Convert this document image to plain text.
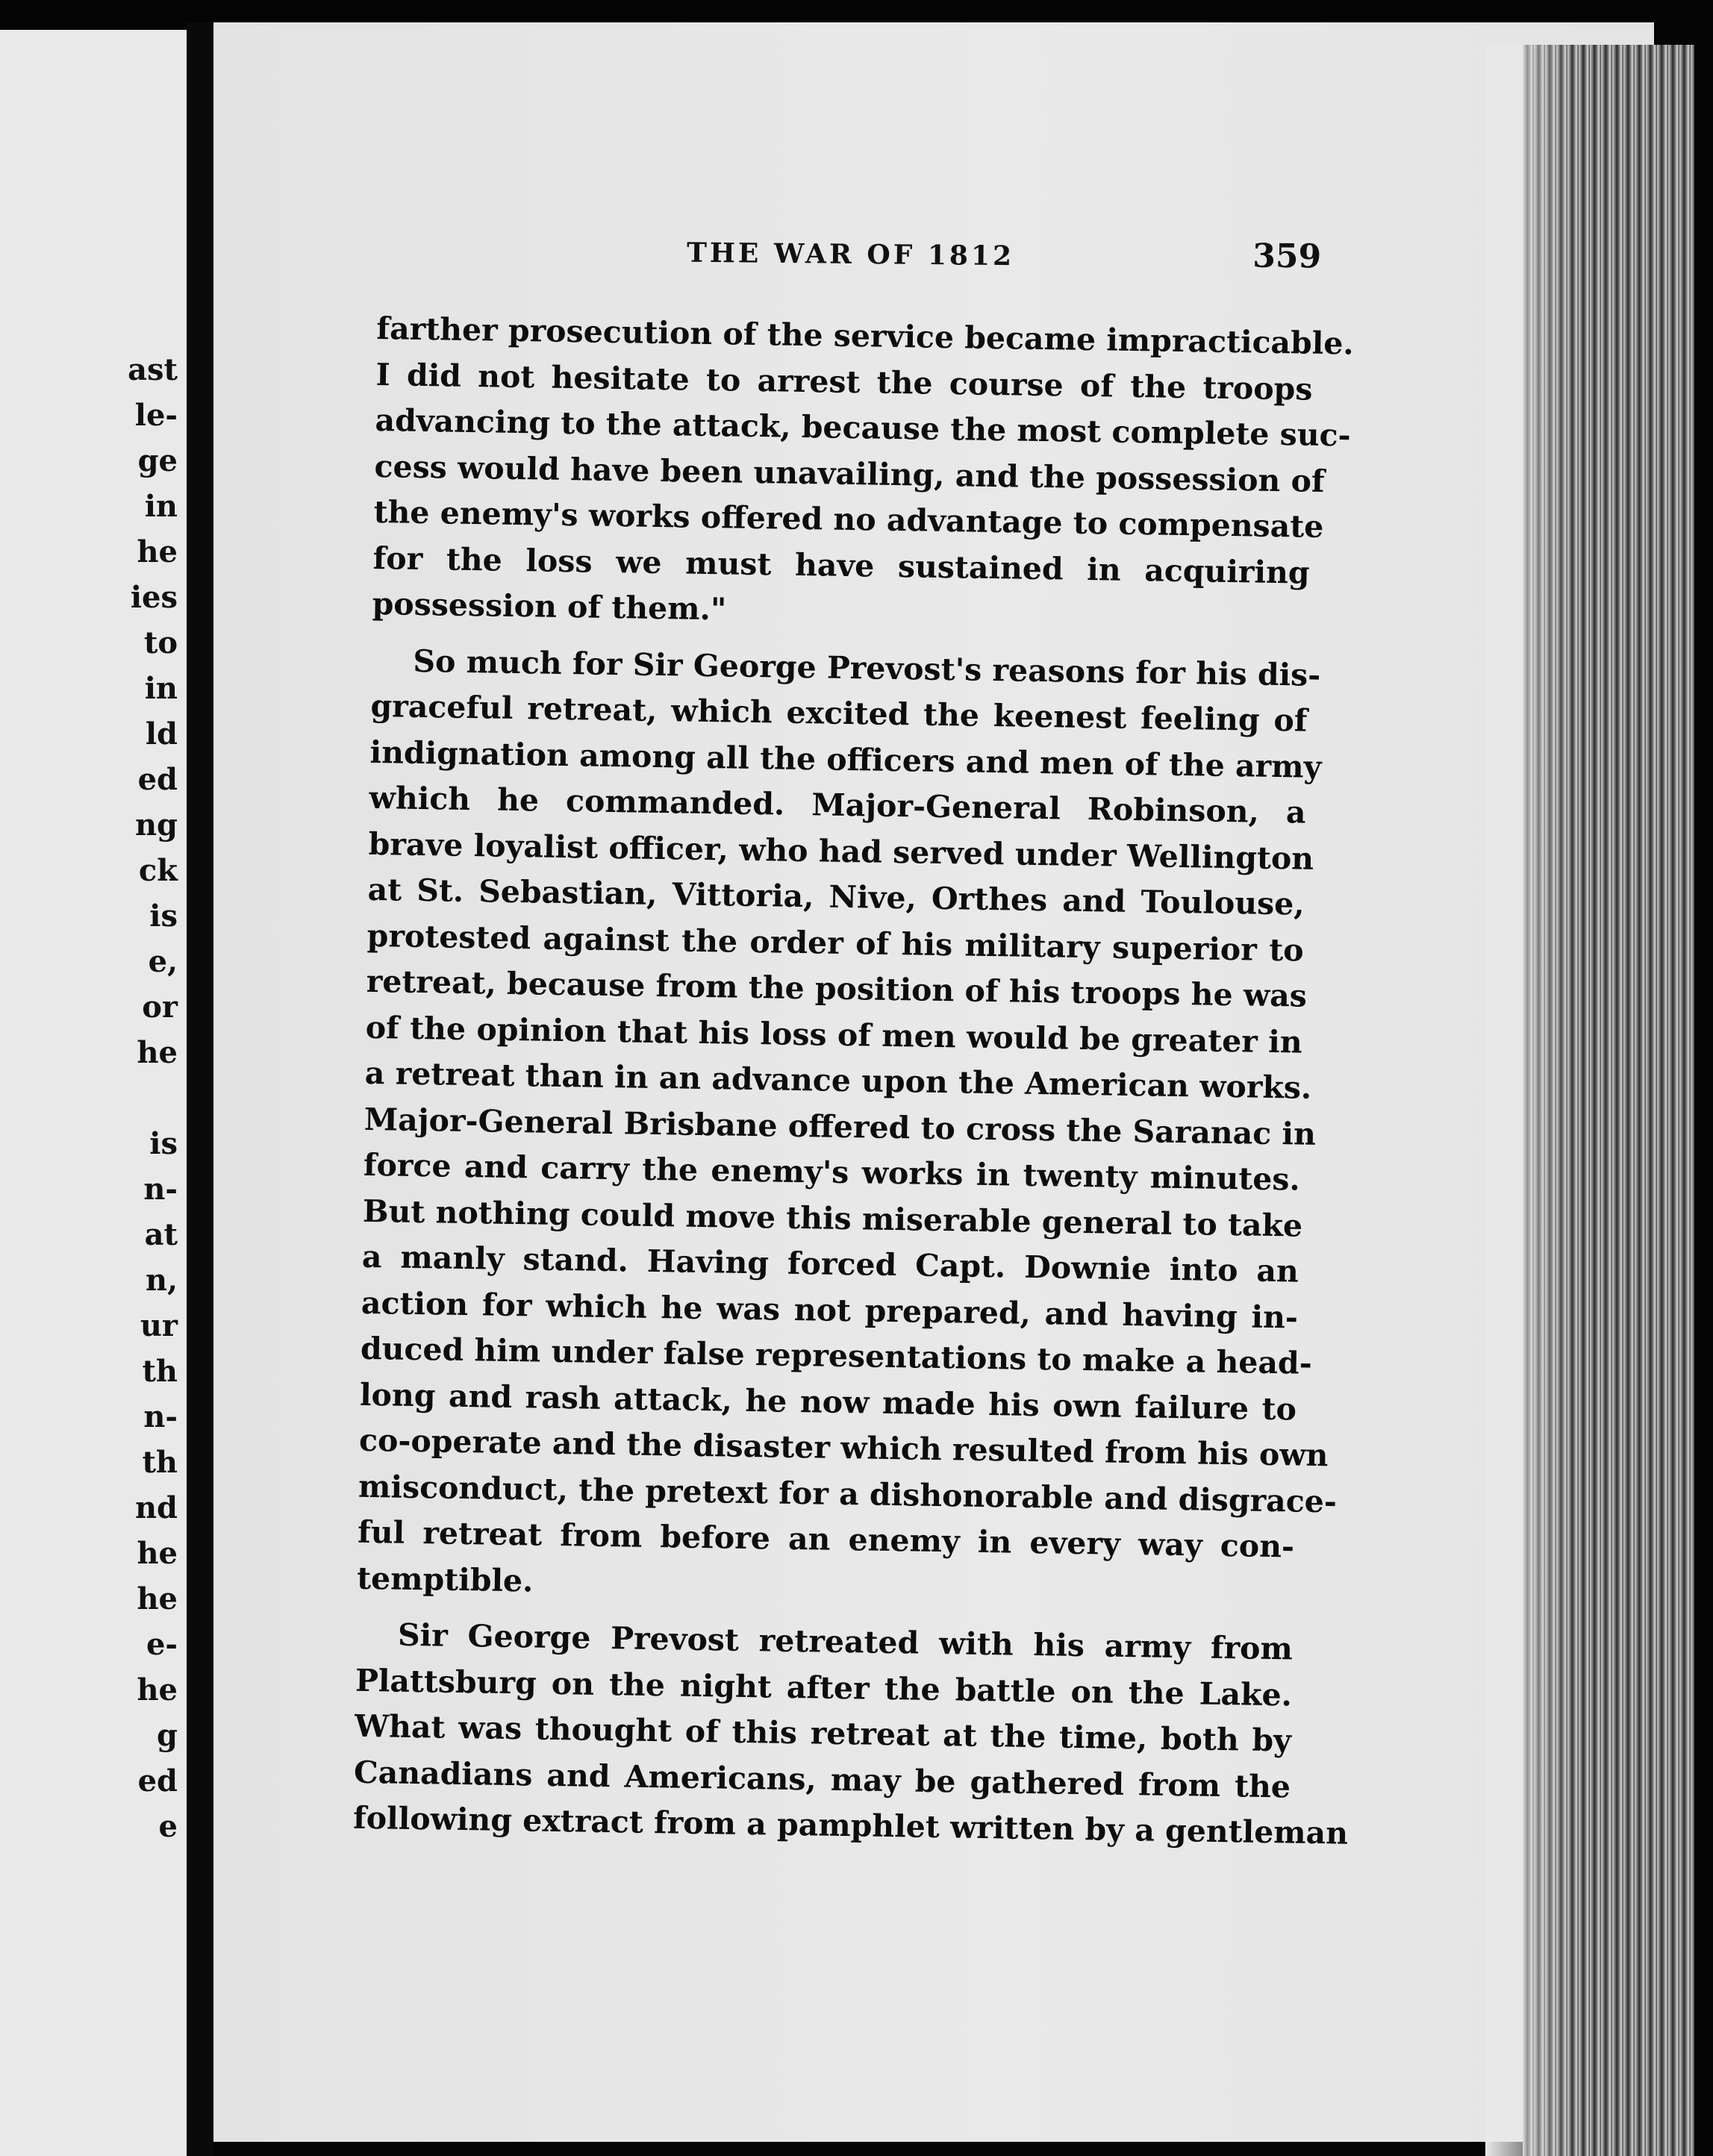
ast
le-
ge
in
he
ies
to
in
ld
ed
ng
ck
is
e,
or
he
is
n-
at
n,
ur
th
n-
th
nd
he
he
e-
he
g
ed
e
THE WAR OF 1812	359
farther prosecution of the service became impracticable.
I did not hesitate to arrest the course of the troops
advancing to the attack, because the most complete suc-
cess would have been unavailing, and the possession of
the enemy's works offered no advantage to compensate
for the loss we must have sustained in acquiring
possession of them."
So much for Sir George Prevost's reasons for his dis-
graceful retreat, which excited the keenest feeling of
indignation among all the officers and men of the army
which he commanded. Major-General Robinson, a
brave loyalist officer, who had served under Wellington
at St. Sebastian, Vittoria, Nive, Orthes and Toulouse,
protested against the order of his military superior to
retreat, because from the position of his troops he was
of the opinion that his loss of men would be greater in
a retreat than in an advance upon the American works.
Major-General Brisbane offered to cross the Saranac in
force and carry the enemy's works in twenty minutes.
But nothing could move this miserable general to take
a manly stand. Having forced Capt. Downie into an
action for which he was not prepared, and having in-
duced him under false representations to make a head-
long and rash attack, he now made his own failure to
co-operate and the disaster which resulted from his own
misconduct, the pretext for a dishonorable and disgrace-
ful retreat from before an enemy in every way con-
temptible.
Sir George Prevost retreated with his army from
Plattsburg on the night after the battle on the Lake.
What was thought of this retreat at the time, both by
Canadians and Americans, may be gathered from the
following extract from a pamphlet written by a gentleman
